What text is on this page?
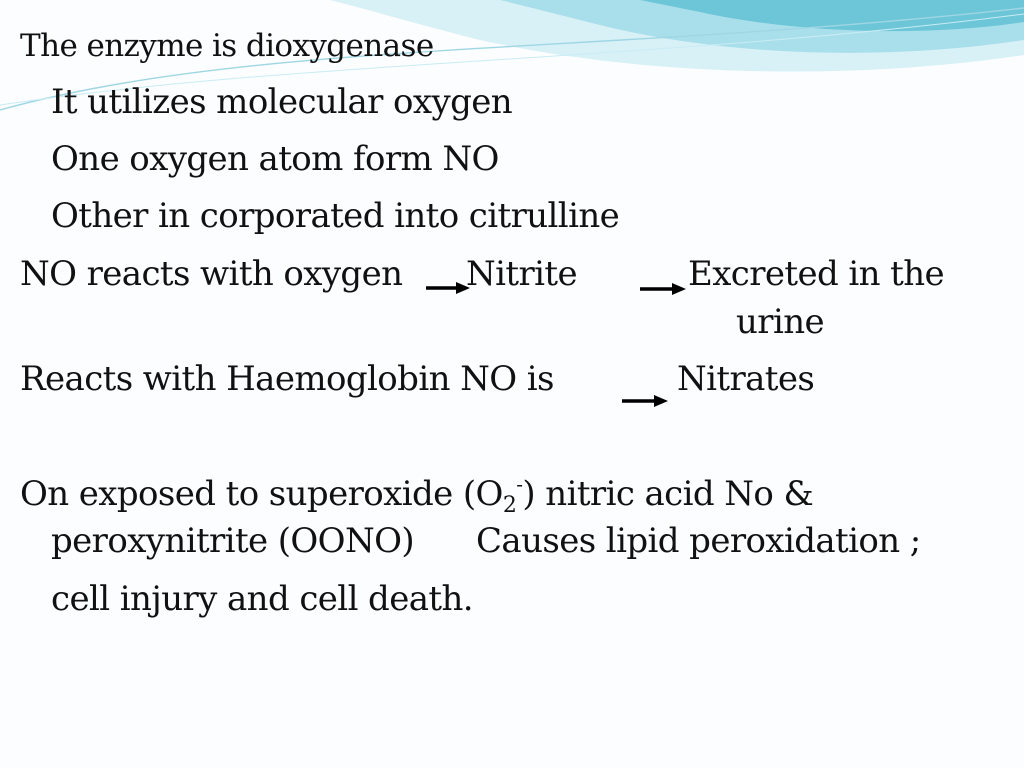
The enzyme is dioxygenase
It utilizes molecular oxygen
One oxygen atom form NO
Other in corporated into citrulline
NO reacts with oxygen Nitrite	Excreted in the
urine
Reacts with Haemoglobin NO is	Nitrates
On exposed to superoxide $(O_2^-)$ nitric acid No &
peroxynitrite (OONO) Causes lipid peroxidation ;
cell injury and cell death.
